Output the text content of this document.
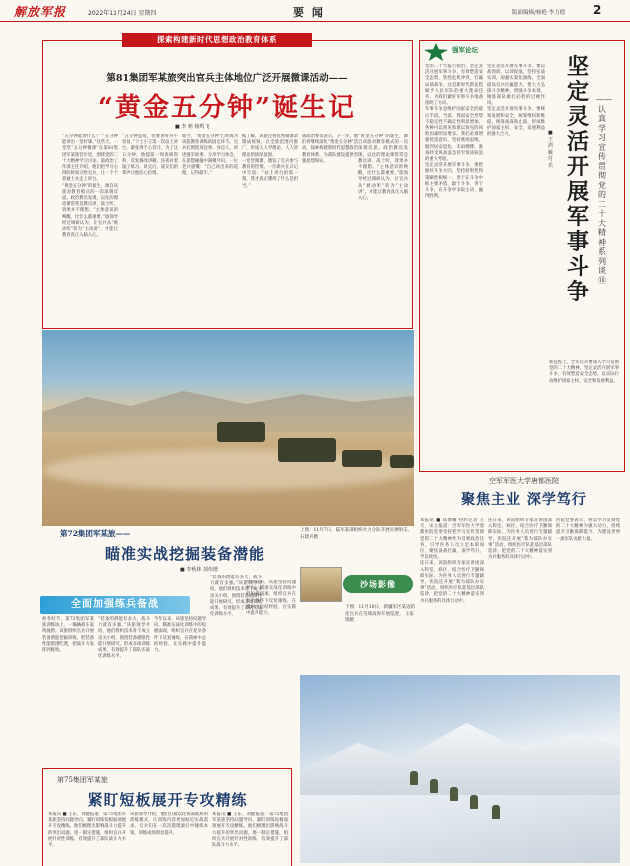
解放军报	2022年11月24日 星期四	要 闻	版面编辑/杨艳 李力德 2
探索构建新时代思想政治教育体系
第81集团军某旅突出官兵主体地位广泛开展微课活动——
“黄金五分钟”诞生记
■ 李 莉 杨鸣飞

“五分钟能讲什么？”“五分钟能讲出一堂好课。”这些天，一堂堂“五分钟微课”在第81集团军某旅营区里，围绕党的二十大精神学习讨论。旅政治工作部主任介绍，他们把学习心得的时间交给官兵，让一个个普通士兵走上讲台。

“黄金五分钟”的诞生，源自该旅对教育模式的一次深刻反思。政治教员发现，以往的理论课常常是教员讲、战士听，效果并不理想。“主体意识的唤醒，比什么都重要。”旅领导经过调研认为，让官兵从“被动听”转为“主动讲”，才能让教育真正入脑入心。

“五分钟虽短，但要讲好并不容易。”下士小王第一次站上讲台，紧张得手心冒汗。为了这五分钟，他提前一周查阅资料、反复修改讲稿，连夜对着镜子练习。讲完后，战友们的掌声让他信心倍增。

如今，“黄金五分钟”已经成为该旅教育训练的固定环节。官兵们围绕身边事、身边人，讲述强军故事、分享学习体会，在思想碰撞中凝聚共识。一位老兵感慨：“自己讲出来的道理，记得最牢。”

据了解，该旅还将优秀微课录制成视频，在全旅范围内推广，形成人人学理论、人人讲理论的浓厚氛围。

一堂堂微课，激发了官兵参与教育的热情。一位新兵在日记中写道：“站上讲台的那一刻，我才真正懂得了什么是担当。”

旅政治委员表示，下一步，他们将继续深化“黄金五分钟”活动，探索构建新时代思想政治教育体系，为部队建设提供坚强思想保证。

“黄金五分钟”的诞生，源自该旅对教育模式的一次深刻反思。政治教员发现，以往的理论课常常是教员讲、战士听，效果并不理想。“主体意识的唤醒，比什么都重要。”旅领导经过调研认为，让官兵从“被动听”转为“主动讲”，才能让教育真正入脑入心。

强军论坛
坚定灵活开展军事斗争
——认真学习宣传贯彻党的二十大精神系列谈⑱
■王鸿雁 付乐

党的二十大报告指出，坚定灵活开展军事斗争，有效塑造安全态势，管控危机冲突，打赢局部战争。这是新时代新征程赋予人民军队的重大使命任务，为我们做好军事斗争准备指明了方向。

军事斗争是维护国家安全的最后手段。当前，我国安全形势不稳定性不确定性明显增加，各种可以预见和难以预见的风险因素明显增多。我们必须增强忧患意识，坚持底线思维，做到居安思危、未雨绸缪，准备经受风高浪急甚至惊涛骇浪的重大考验。

坚定灵活开展军事斗争，要把握好斗争方向，坚持原则性和策略性相统一，善于在斗争中抓主要矛盾，敢于斗争、善于斗争，在斗争中争取主动、赢得胜利。

坚定灵活开展军事斗争，要以战领训、以训促战，坚持实战实训，加强实案化演练，全面提高官兵打赢能力。要大力弘扬斗争精神，增强斗争本领，锤炼部队敢打必胜的过硬作风。

坚定灵活开展军事斗争，要统筹发展和安全，统筹维权和维稳，统筹备战和止战，形成维护国家主权、安全、发展利益的强大合力。

新征程上，全军官兵要深入学习贯彻党的二十大精神，坚定灵活开展军事斗争，有效塑造安全态势，以实际行动维护国家主权、安全和发展利益。

空军军医大学唐都医院
聚焦主业 深学笃行

本报讯 ■ 郑博耀 特约记者 王天、宋立报道：空军军医大学唐都医院党委坚持把学习宣传贯彻党的二十大精神作为首要政治任务，引导医务人员立足本职岗位，聚焦备战打赢，深学笃行、学以致用。

连日来，该院组织专家宣讲团深入科室、病区，结合医疗卫勤保障实际，为医务人员进行专题辅导。医院还开展“我为部队办实事”活动，组织医疗队赴基层部队巡诊，把党的二十大精神落实到为兵服务的具体行动中。

连日来，该院组织专家宣讲团深入科室、病区，结合医疗卫勤保障实际，为医务人员进行专题辅导。医院还开展“我为部队办实事”活动，组织医疗队赴基层部队巡诊，把党的二十大精神落实到为兵服务的具体行动中。

医院党委表示，将以学习贯彻党的二十大精神为强大动力，持续提升卫勤保障能力，为建设世界一流军队贡献力量。

第72集团军某旅——
瞄准实战挖掘装备潜能
■ 李秋林 刘伟增
全面加强练兵备战

初冬时节，第72集团军某旅训练场上，一辆辆战车轰鸣驰骋。该旅组织官兵开展装备潜能挖掘训练，把装备性能摸透吃透，把战斗力发挥到极致。

“装备的潜能有多大，战斗力就有多强。”该旅领导介绍，他们组织技术骨干成立攻关小组，围绕装备极限性能开展研究，形成多项训练成果，有效提升了部队实战化训练水平。

今年以来，该旅坚持问题导向，瞄准实战化训练中的短板弱项，组织官兵在复杂条件下反复锤炼，在摸索中总结经验，在实践中提升能力。

“装备的潜能有多大，战斗力就有多强。”该旅领导介绍，他们组织技术骨干成立攻关小组，围绕装备极限性能开展研究，形成多项训练成果，有效提升了部队实战化训练水平。

今年以来，该旅坚持问题导向，瞄准实战化训练中的短板弱项，组织官兵在复杂条件下反复锤炼，在摸索中总结经验，在实践中提升能力。

上图：11月7日，陆军某部组织火力分队开展实弹射击。 石建兵摄
沙场影像
下图：11月10日，新疆军区某边防连官兵在雪域高原开展巡逻。 王家锦摄
第75集团军某旅
紧盯短板展开专攻精练

本报讯 ■ 王东、刘健报道：第75集团军某旅坚持问题导向，紧盯训练短板弱项展开专攻精练。他们梳理出影响战斗力提升的突出问题，逐一制定措施，组织官兵开展针对性训练，有效提升了部队战斗力水平。

该旅领导介绍，他们打破以往按部就班的训练模式，让训练内容更加贴近实战需求。官兵们在一次次摸爬滚打中锤炼本领，训练成绩明显提升。

本报讯 ■ 王东、刘健报道：第75集团军某旅坚持问题导向，紧盯训练短板弱项展开专攻精练。他们梳理出影响战斗力提升的突出问题，逐一制定措施，组织官兵开展针对性训练，有效提升了部队战斗力水平。
